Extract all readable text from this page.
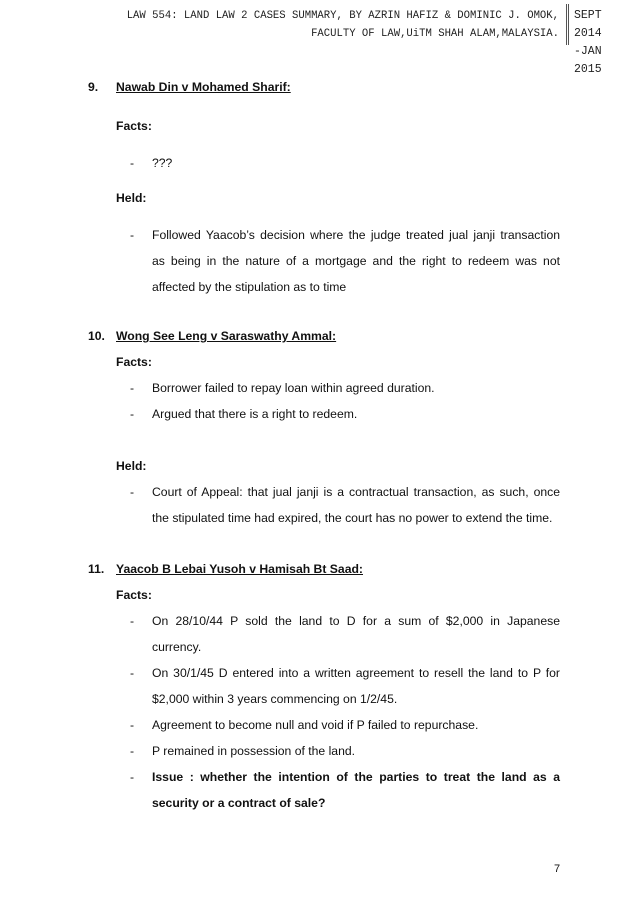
LAW 554: LAND LAW 2 CASES SUMMARY, BY AZRIN HAFIZ & DOMINIC J. OMOK,
FACULTY OF LAW,UiTM SHAH ALAM,MALAYSIA.
SEPT 2014
-JAN 2015
9. Nawab Din v Mohamed Sharif:
Facts:
- ???
Held:
- Followed Yaacob’s decision where the judge treated jual janji transaction
as being in the nature of a mortgage and the right to redeem was not
affected by the stipulation as to time
10. Wong See Leng v Saraswathy Ammal:
Facts:
- Borrower failed to repay loan within agreed duration.
- Argued that there is a right to redeem.
Held:
- Court of Appeal: that jual janji is a contractual transaction, as such, once
the stipulated time had expired, the court has no power to extend the time.
11. Yaacob B Lebai Yusoh v Hamisah Bt Saad:
Facts:
- On 28/10/44 P sold the land to D for a sum of $2,000 in Japanese
currency.
- On 30/1/45 D entered into a written agreement to resell the land to P for
$2,000 within 3 years commencing on 1/2/45.
- Agreement to become null and void if P failed to repurchase.
- P remained in possession of the land.
- Issue : whether the intention of the parties to treat the land as a
security or a contract of sale?
7
